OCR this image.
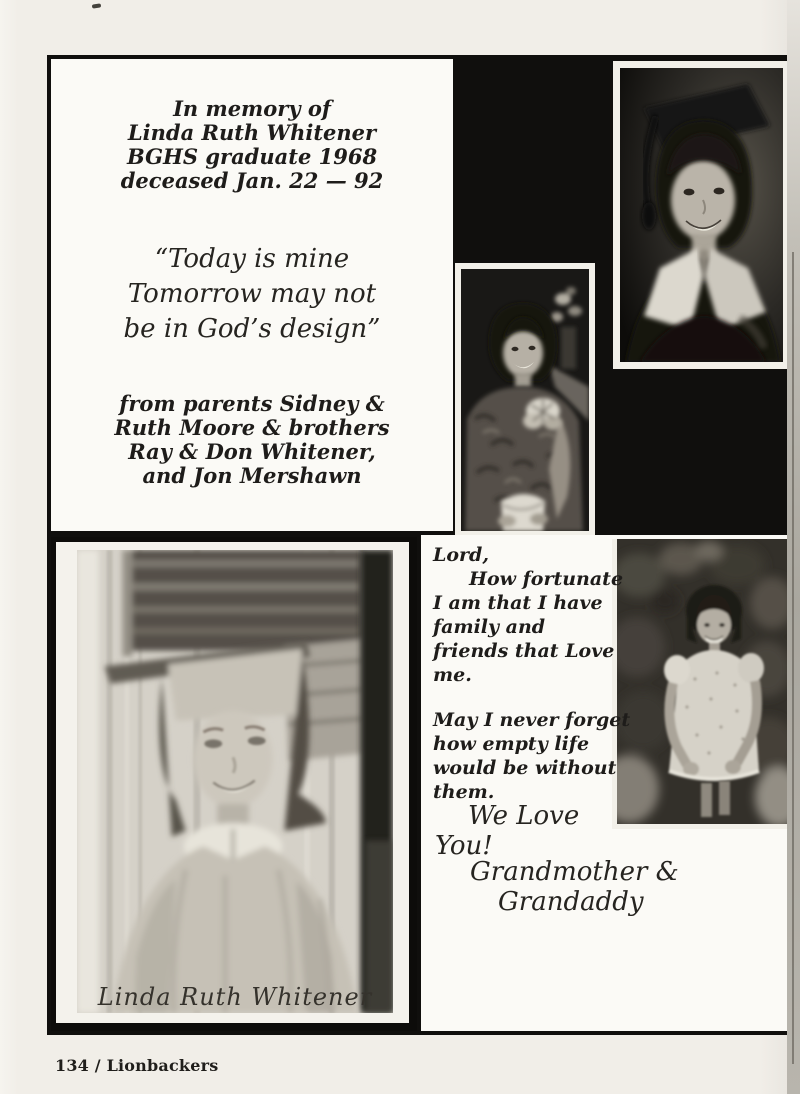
In memory of
Linda Ruth Whitener
BGHS graduate 1968
deceased Jan. 22 — 92
“Today is mine
Tomorrow may not
be in God’s design”
from parents Sidney &
Ruth Moore & brothers
Ray & Don Whitener,
and Jon Mershawn
Linda Ruth Whitener
Lord,
How fortunate
I am that I have
family and
friends that Love
me.
May I never forget
how empty life
would be without
them.
We Love
You!
Grandmother &
Grandaddy
134 / Lionbackers
